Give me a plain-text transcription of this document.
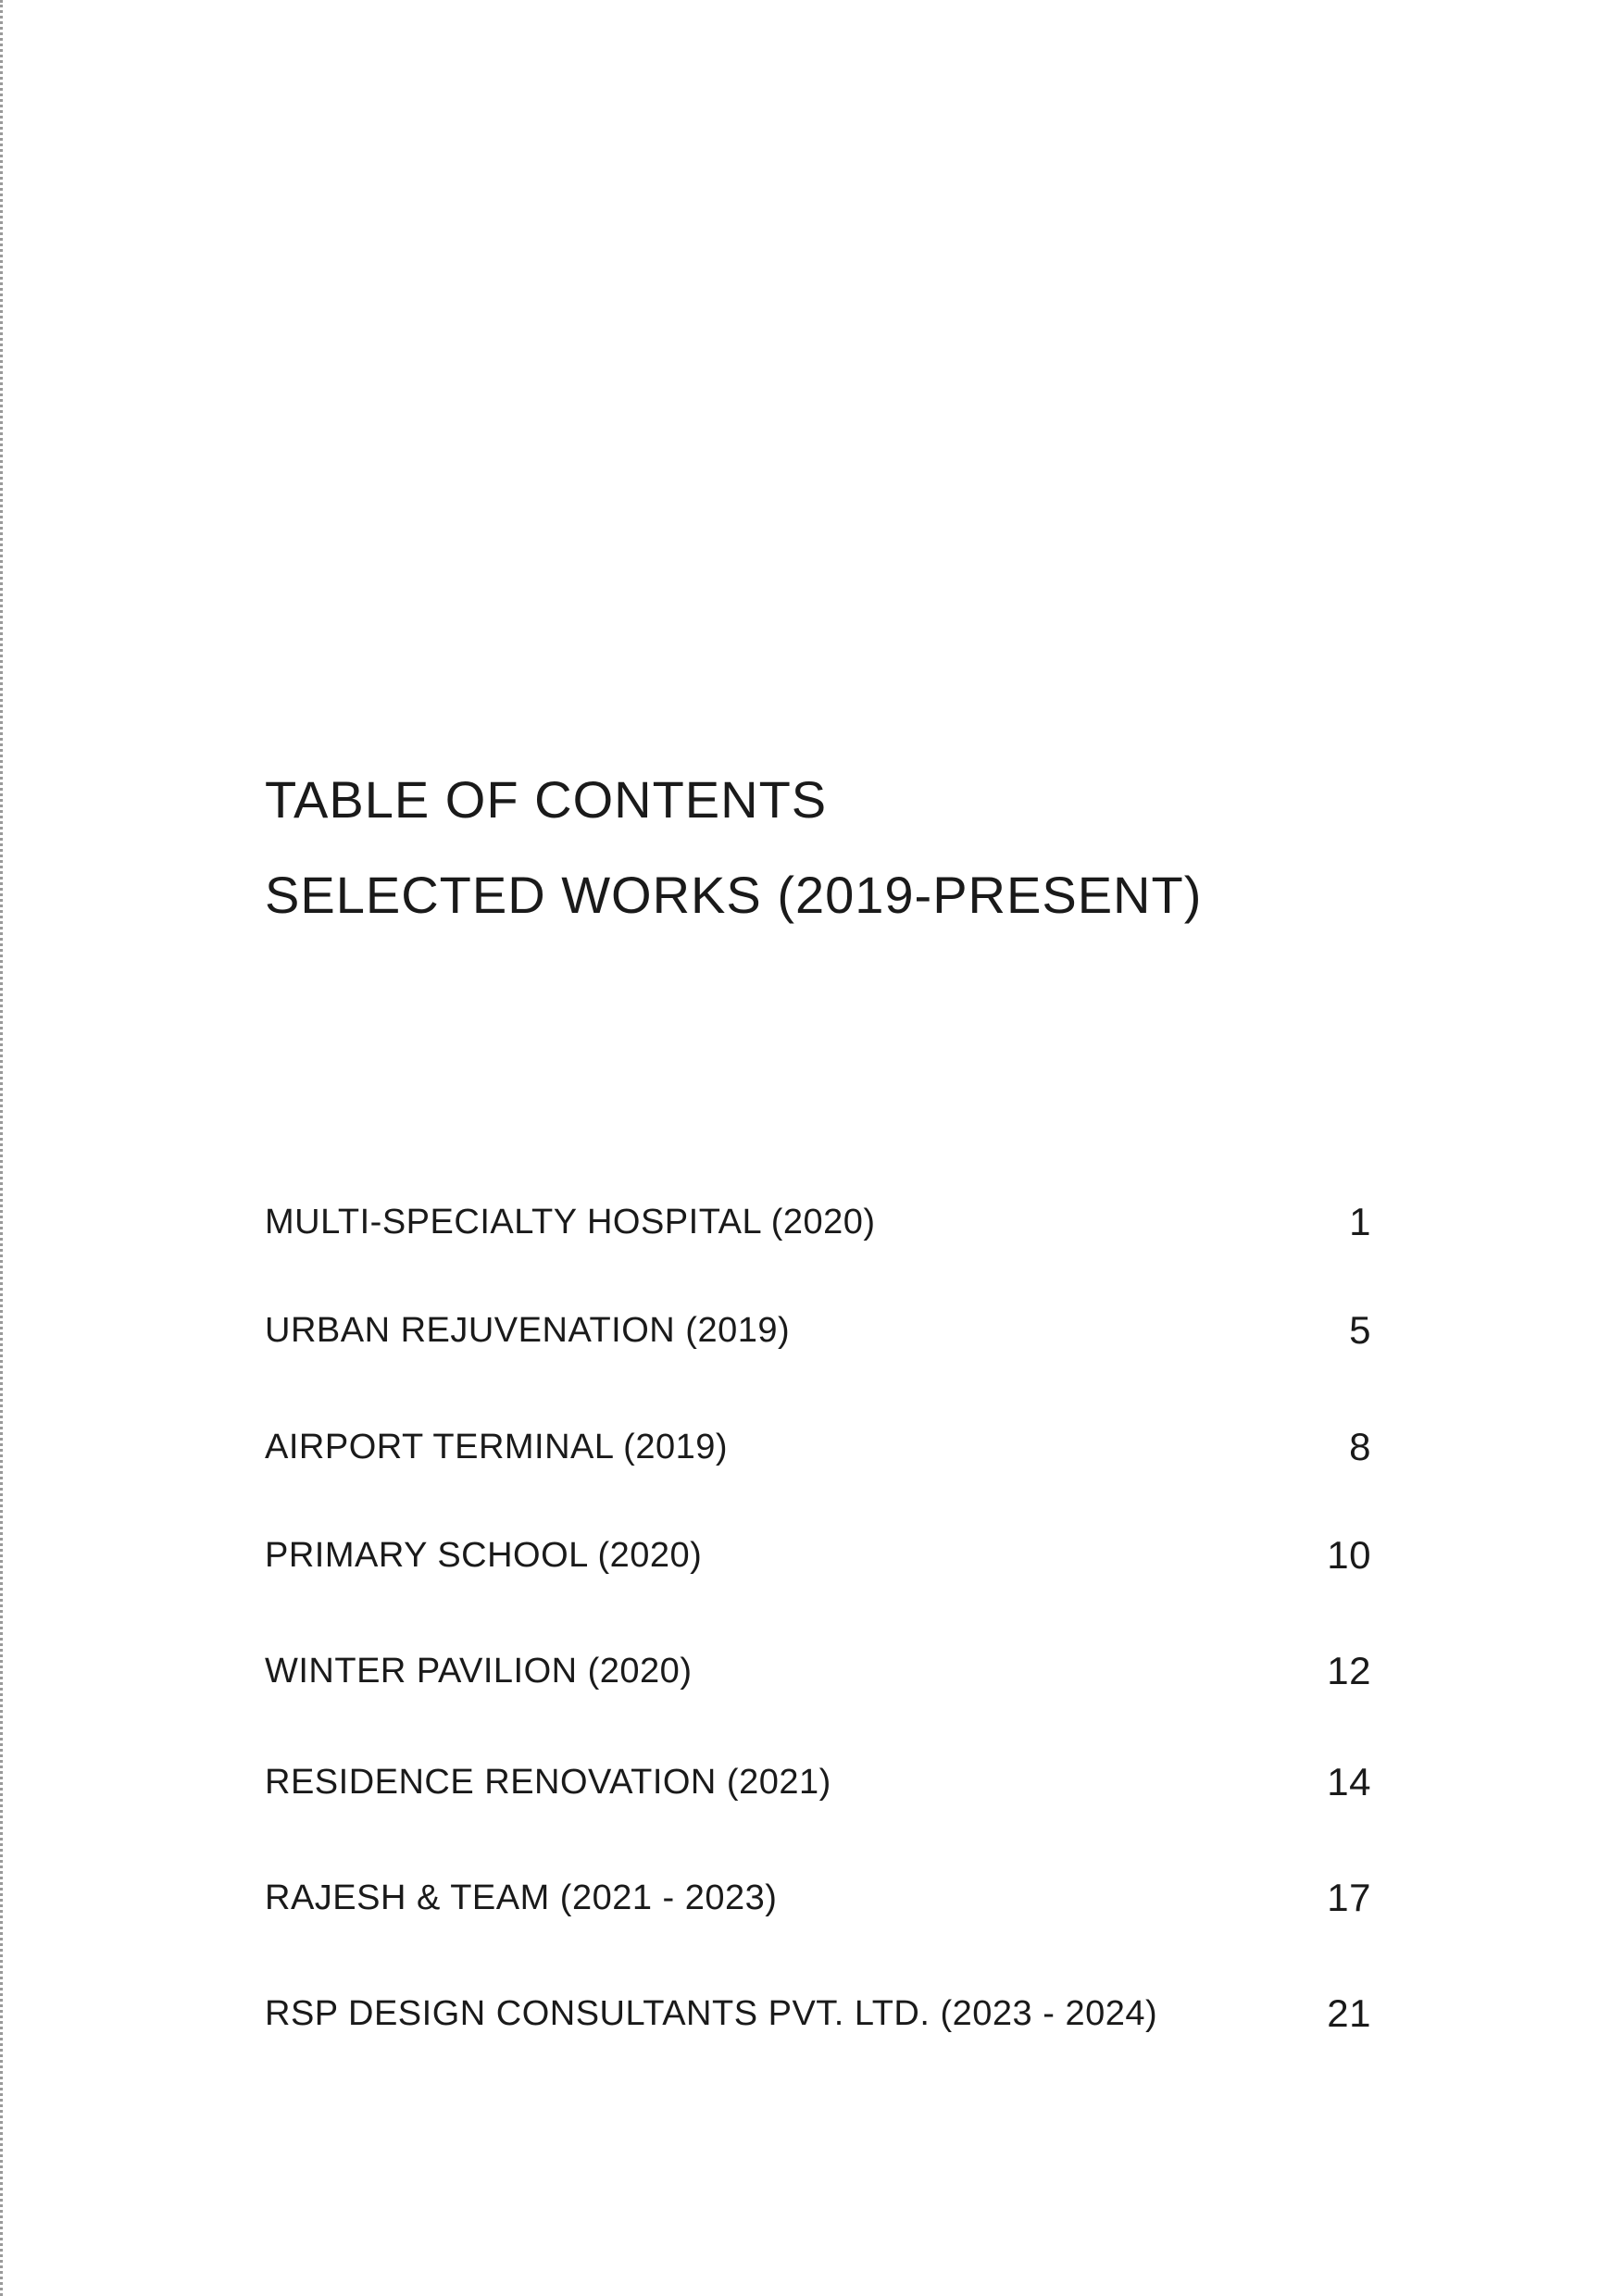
TABLE OF CONTENTS
SELECTED WORKS (2019-PRESENT)
MULTI-SPECIALTY HOSPITAL (2020)	1
URBAN REJUVENATION (2019)	5
AIRPORT TERMINAL (2019)	8
PRIMARY SCHOOL (2020)	10
WINTER PAVILION (2020)	12
RESIDENCE RENOVATION (2021)	14
RAJESH & TEAM (2021 - 2023)	17
RSP DESIGN CONSULTANTS PVT. LTD. (2023 - 2024)	21
